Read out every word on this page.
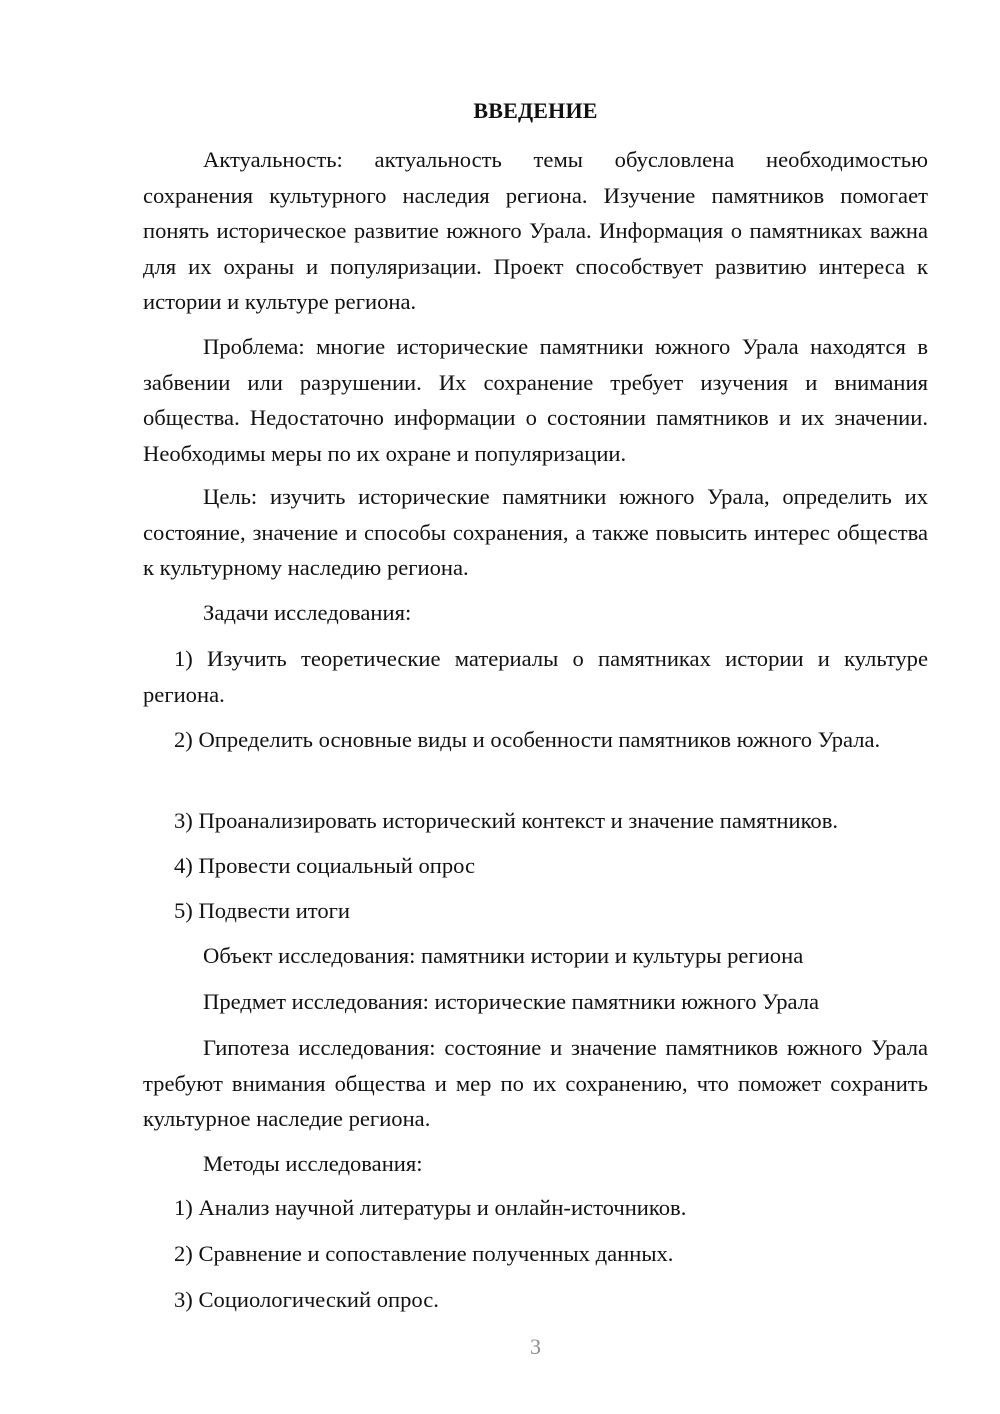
ВВЕДЕНИЕ

Актуальность: актуальность темы обусловлена необходимостью сохранения культурного наследия региона. Изучение памятников помогает понять историческое развитие южного Урала. Информация о памятниках важна для их охраны и популяризации. Проект способствует развитию интереса к истории и культуре региона.

Проблема: многие исторические памятники южного Урала находятся в забвении или разрушении. Их сохранение требует изучения и внимания общества. Недостаточно информации о состоянии памятников и их значении. Необходимы меры по их охране и популяризации.

Цель: изучить исторические памятники южного Урала, определить их состояние, значение и способы сохранения, а также повысить интерес общества к культурному наследию региона.

Задачи исследования:

1) Изучить теоретические материалы о памятниках истории и культуре региона.

2) Определить основные виды и особенности памятников южного Урала.

3) Проанализировать исторический контекст и значение памятников.

4) Провести социальный опрос

5) Подвести итоги

Объект исследования: памятники истории и культуры региона

Предмет исследования: исторические памятники южного Урала

Гипотеза исследования: состояние и значение памятников южного Урала требуют внимания общества и мер по их сохранению, что поможет сохранить культурное наследие региона.

Методы исследования:

1) Анализ научной литературы и онлайн-источников.

2) Сравнение и сопоставление полученных данных.

3) Социологический опрос.

3
